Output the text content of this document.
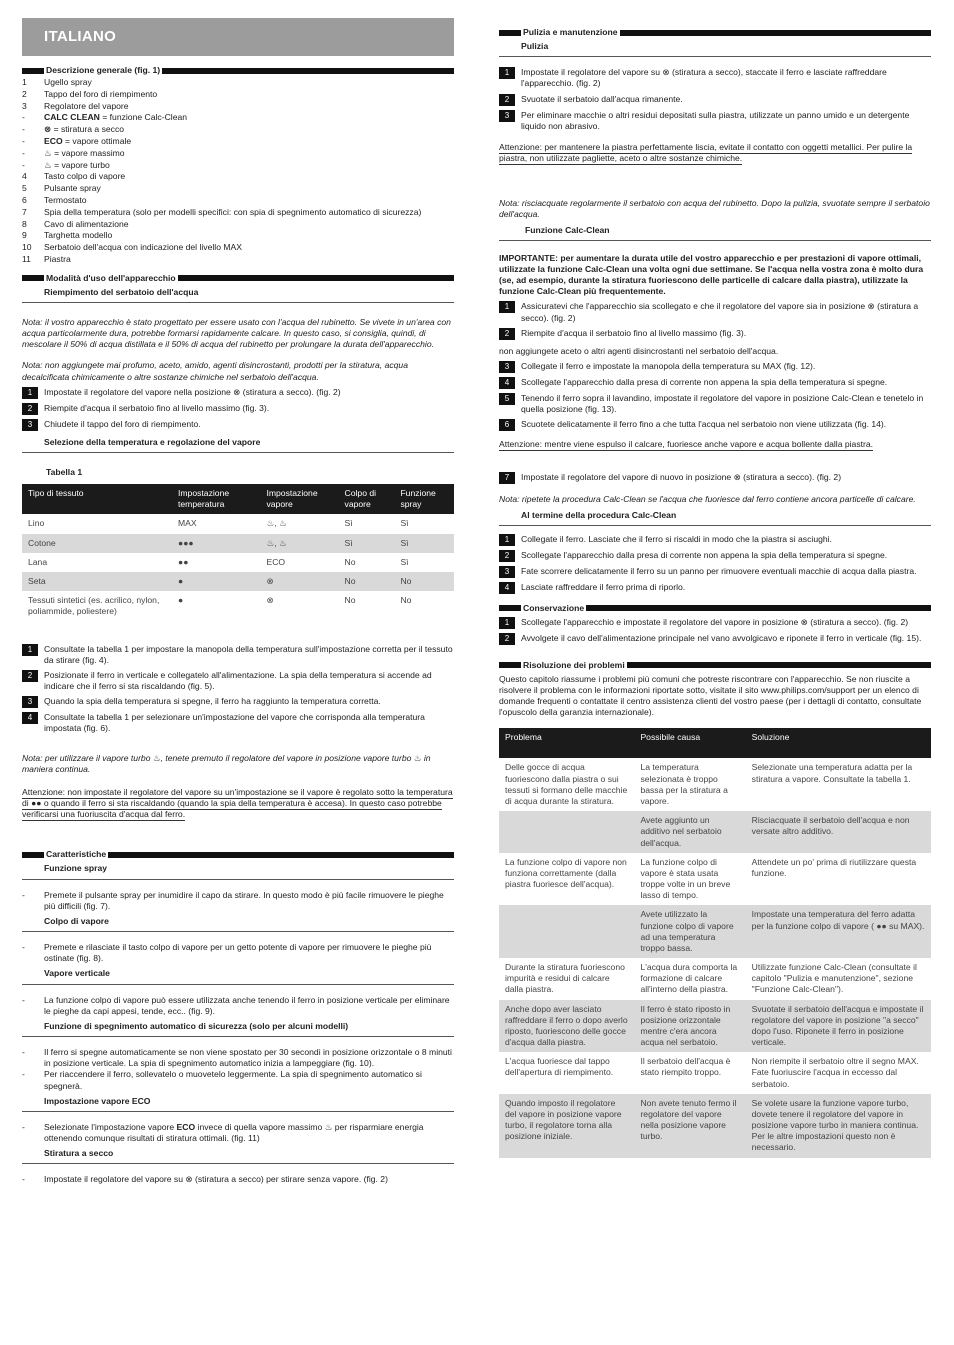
ITALIANO
Descrizione generale (fig. 1)
1	Ugello spray
2	Tappo del foro di riempimento
3	Regolatore del vapore
-	CALC CLEAN = funzione Calc-Clean
-	⊗ = stiratura a secco
-	ECO = vapore ottimale
-	♨ = vapore massimo
-	♨ = vapore turbo
4	Tasto colpo di vapore
5	Pulsante spray
6	Termostato
7	Spia della temperatura (solo per modelli specifici: con spia di spegnimento automatico di sicurezza)
8	Cavo di alimentazione
9	Targhetta modello
10	Serbatoio dell'acqua con indicazione del livello MAX
11	Piastra
Modalità d'uso dell'apparecchio
Riempimento del serbatoio dell'acqua
Nota: il vostro apparecchio è stato progettato per essere usato con l'acqua del rubinetto. Se vivete in un'area con acqua particolarmente dura, potrebbe formarsi rapidamente calcare. In questo caso, si consiglia, quindi, di mescolare il 50% di acqua distillata e il 50% di acqua del rubinetto per prolungare la durata dell'apparecchio.
Nota: non aggiungete mai profumo, aceto, amido, agenti disincrostanti, prodotti per la stiratura, acqua decalcificata chimicamente o altre sostanze chimiche nel serbatoio dell'acqua.
1	Impostate il regolatore del vapore nella posizione ⊗ (stiratura a secco). (fig. 2)
2	Riempite d'acqua il serbatoio fino al livello massimo (fig. 3).
3	Chiudete il tappo del foro di riempimento.
Selezione della temperatura e regolazione del vapore
Tabella 1
Tipo di tessuto	Impostazione temperatura	Impostazione vapore	Colpo di vapore	Funzione spray
Lino	MAX	♨, ♨	Sì	Sì
Cotone	●●●	♨, ♨	Sì	Sì
Lana	●●	ECO	No	Sì
Seta	●	⊗	No	No
Tessuti sintetici (es. acrilico, nylon, poliammide, poliestere)	●	⊗	No	No
1	Consultate la tabella 1 per impostare la manopola della temperatura sull'impostazione corretta per il tessuto da stirare (fig. 4).
2	Posizionate il ferro in verticale e collegatelo all'alimentazione. La spia della temperatura si accende ad indicare che il ferro si sta riscaldando (fig. 5).
3	Quando la spia della temperatura si spegne, il ferro ha raggiunto la temperatura corretta.
4	Consultate la tabella 1 per selezionare un'impostazione del vapore che corrisponda alla temperatura impostata (fig. 6).
Nota: per utilizzare il vapore turbo ♨, tenete premuto il regolatore del vapore in posizione vapore turbo ♨ in maniera continua.
Attenzione: non impostate il regolatore del vapore su un'impostazione se il vapore è regolato sotto la temperatura di ●● o quando il ferro si sta riscaldando (quando la spia della temperatura è accesa). In questo caso potrebbe verificarsi una fuoriuscita d'acqua dal ferro.
Caratteristiche
Funzione spray
-	Premete il pulsante spray per inumidire il capo da stirare. In questo modo è più facile rimuovere le pieghe più difficili (fig. 7).
Colpo di vapore
-	Premete e rilasciate il tasto colpo di vapore per un getto potente di vapore per rimuovere le pieghe più ostinate (fig. 8).
Vapore verticale
-	La funzione colpo di vapore può essere utilizzata anche tenendo il ferro in posizione verticale per eliminare le pieghe da capi appesi, tende, ecc.. (fig. 9).
Funzione di spegnimento automatico di sicurezza (solo per alcuni modelli)
-	Il ferro si spegne automaticamente se non viene spostato per 30 secondi in posizione orizzontale o 8 minuti in posizione verticale. La spia di spegnimento automatico inizia a lampeggiare (fig. 10).
-	Per riaccendere il ferro, sollevatelo o muovetelo leggermente. La spia di spegnimento automatico si spegnerà.
Impostazione vapore ECO
-	Selezionate l'impostazione vapore ECO invece di quella vapore massimo ♨ per risparmiare energia ottenendo comunque risultati di stiratura ottimali. (fig. 11)
Stiratura a secco
-	Impostate il regolatore del vapore su ⊗ (stiratura a secco) per stirare senza vapore. (fig. 2)
Pulizia e manutenzione
Pulizia
1	Impostate il regolatore del vapore su ⊗ (stiratura a secco), staccate il ferro e lasciate raffreddare l'apparecchio. (fig. 2)
2	Svuotate il serbatoio dall'acqua rimanente.
3	Per eliminare macchie o altri residui depositati sulla piastra, utilizzate un panno umido e un detergente liquido non abrasivo.
Attenzione: per mantenere la piastra perfettamente liscia, evitate il contatto con oggetti metallici. Per pulire la piastra, non utilizzate pagliette, aceto o altre sostanze chimiche.
Nota: risciacquate regolarmente il serbatoio con acqua del rubinetto. Dopo la pulizia, svuotate sempre il serbatoio dell'acqua.
Funzione Calc-Clean
IMPORTANTE: per aumentare la durata utile del vostro apparecchio e per prestazioni di vapore ottimali, utilizzate la funzione Calc-Clean una volta ogni due settimane. Se l'acqua nella vostra zona è molto dura (se, ad esempio, durante la stiratura fuoriescono delle particelle di calcare dalla piastra), utilizzate la funzione Calc-Clean più frequentemente.
1	Assicuratevi che l'apparecchio sia scollegato e che il regolatore del vapore sia in posizione ⊗ (stiratura a secco). (fig. 2)
2	Riempite d'acqua il serbatoio fino al livello massimo (fig. 3).
non aggiungete aceto o altri agenti disincrostanti nel serbatoio dell'acqua.
3	Collegate il ferro e impostate la manopola della temperatura su MAX (fig. 12).
4	Scollegate l'apparecchio dalla presa di corrente non appena la spia della temperatura si spegne.
5	Tenendo il ferro sopra il lavandino, impostate il regolatore del vapore in posizione Calc-Clean e tenetelo in quella posizione (fig. 13).
6	Scuotete delicatamente il ferro fino a che tutta l'acqua nel serbatoio non viene utilizzata (fig. 14).
Attenzione: mentre viene espulso il calcare, fuoriesce anche vapore e acqua bollente dalla piastra.
7	Impostate il regolatore del vapore di nuovo in posizione ⊗ (stiratura a secco). (fig. 2)
Nota: ripetete la procedura Calc-Clean se l'acqua che fuoriesce dal ferro contiene ancora particelle di calcare.
Al termine della procedura Calc-Clean
1	Collegate il ferro. Lasciate che il ferro si riscaldi in modo che la piastra si asciughi.
2	Scollegate l'apparecchio dalla presa di corrente non appena la spia della temperatura si spegne.
3	Fate scorrere delicatamente il ferro su un panno per rimuovere eventuali macchie di acqua dalla piastra.
4	Lasciate raffreddare il ferro prima di riporlo.
Conservazione
1	Scollegate l'apparecchio e impostate il regolatore del vapore in posizione ⊗ (stiratura a secco). (fig. 2)
2	Avvolgete il cavo dell'alimentazione principale nel vano avvolgicavo e riponete il ferro in verticale (fig. 15).
Risoluzione dei problemi
Questo capitolo riassume i problemi più comuni che potreste riscontrare con l'apparecchio. Se non riuscite a risolvere il problema con le informazioni riportate sotto, visitate il sito www.philips.com/support per un elenco di domande frequenti o contattate il centro assistenza clienti del vostro paese (per i dettagli di contatto, consultate l'opuscolo della garanzia internazionale).
Problema	Possibile causa	Soluzione
Delle gocce di acqua fuoriescono dalla piastra o sui tessuti si formano delle macchie di acqua durante la stiratura.	La temperatura selezionata è troppo bassa per la stiratura a vapore.	Selezionate una temperatura adatta per la stiratura a vapore. Consultate la tabella 1.
	Avete aggiunto un additivo nel serbatoio dell'acqua.	Risciacquate il serbatoio dell'acqua e non versate altro additivo.
La funzione colpo di vapore non funziona correttamente (dalla piastra fuoriesce dell'acqua).	La funzione colpo di vapore è stata usata troppe volte in un breve lasso di tempo.	Attendete un po' prima di riutilizzare questa funzione.
	Avete utilizzato la funzione colpo di vapore ad una temperatura troppo bassa.	Impostate una temperatura del ferro adatta per la funzione colpo di vapore ( ●● su MAX).
Durante la stiratura fuoriescono impurità e residui di calcare dalla piastra.	L'acqua dura comporta la formazione di calcare all'interno della piastra.	Utilizzate funzione Calc-Clean (consultate il capitolo "Pulizia e manutenzione", sezione "Funzione Calc-Clean").
Anche dopo aver lasciato raffreddare il ferro o dopo averlo riposto, fuoriescono delle gocce d'acqua dalla piastra.	Il ferro è stato riposto in posizione orizzontale mentre c'era ancora acqua nel serbatoio.	Svuotate il serbatoio dell'acqua e impostate il regolatore del vapore in posizione "a secco" dopo l'uso. Riponete il ferro in posizione verticale.
L'acqua fuoriesce dal tappo dell'apertura di riempimento.	Il serbatoio dell'acqua è stato riempito troppo.	Non riempite il serbatoio oltre il segno MAX. Fate fuoriuscire l'acqua in eccesso dal serbatoio.
Quando imposto il regolatore del vapore in posizione vapore turbo, il regolatore torna alla posizione iniziale.	Non avete tenuto fermo il regolatore del vapore nella posizione vapore turbo.	Se volete usare la funzione vapore turbo, dovete tenere il regolatore del vapore in posizione vapore turbo in maniera continua. Per le altre impostazioni questo non è necessario.
